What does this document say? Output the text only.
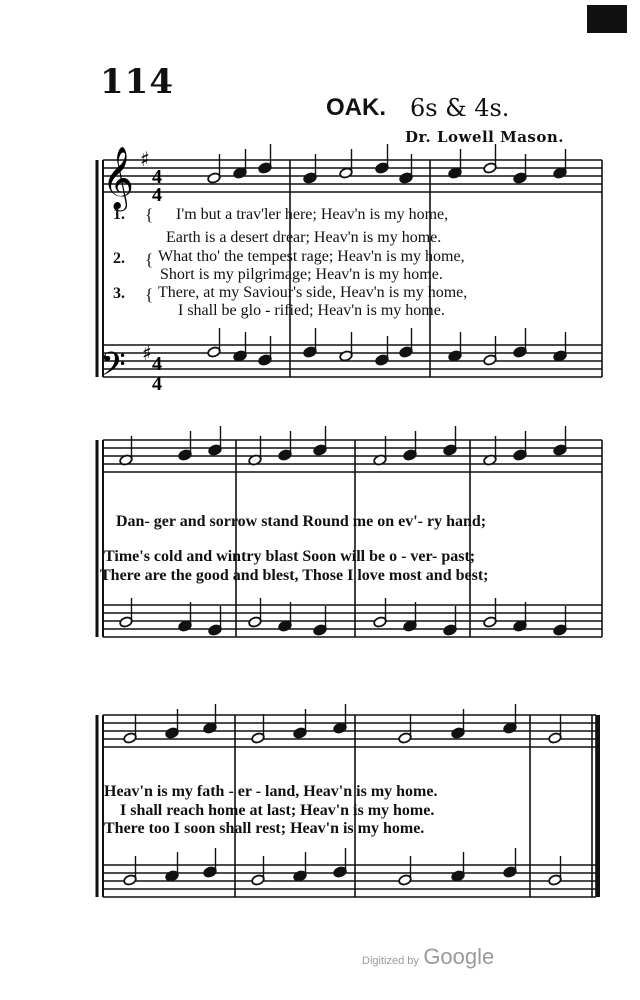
114
OAK. 6s & 4s.
Dr. Lowell Mason.
𝄞 ♯
4
4
𝄢 ♯ 4
4
1. { I'm but a trav'ler here; Heav'n is my home,
Earth is a desert drear; Heav'n is my home.
2. { What tho' the tempest rage; Heav'n is my home,
Short is my pilgrimage; Heav'n is my home.
3. { There, at my Saviour's side, Heav'n is my home,
I shall be glo - rified; Heav'n is my home.
Dan- ger and sorrow stand Round me on ev'- ry hand;
Time's cold and wintry blast Soon will be o - ver- past;
There are the good and blest, Those I love most and best;
Heav'n is my fath - er - land, Heav'n is my home.
I shall reach home at last; Heav'n is my home.
There too I soon shall rest; Heav'n is my home.
Digitized by Google
